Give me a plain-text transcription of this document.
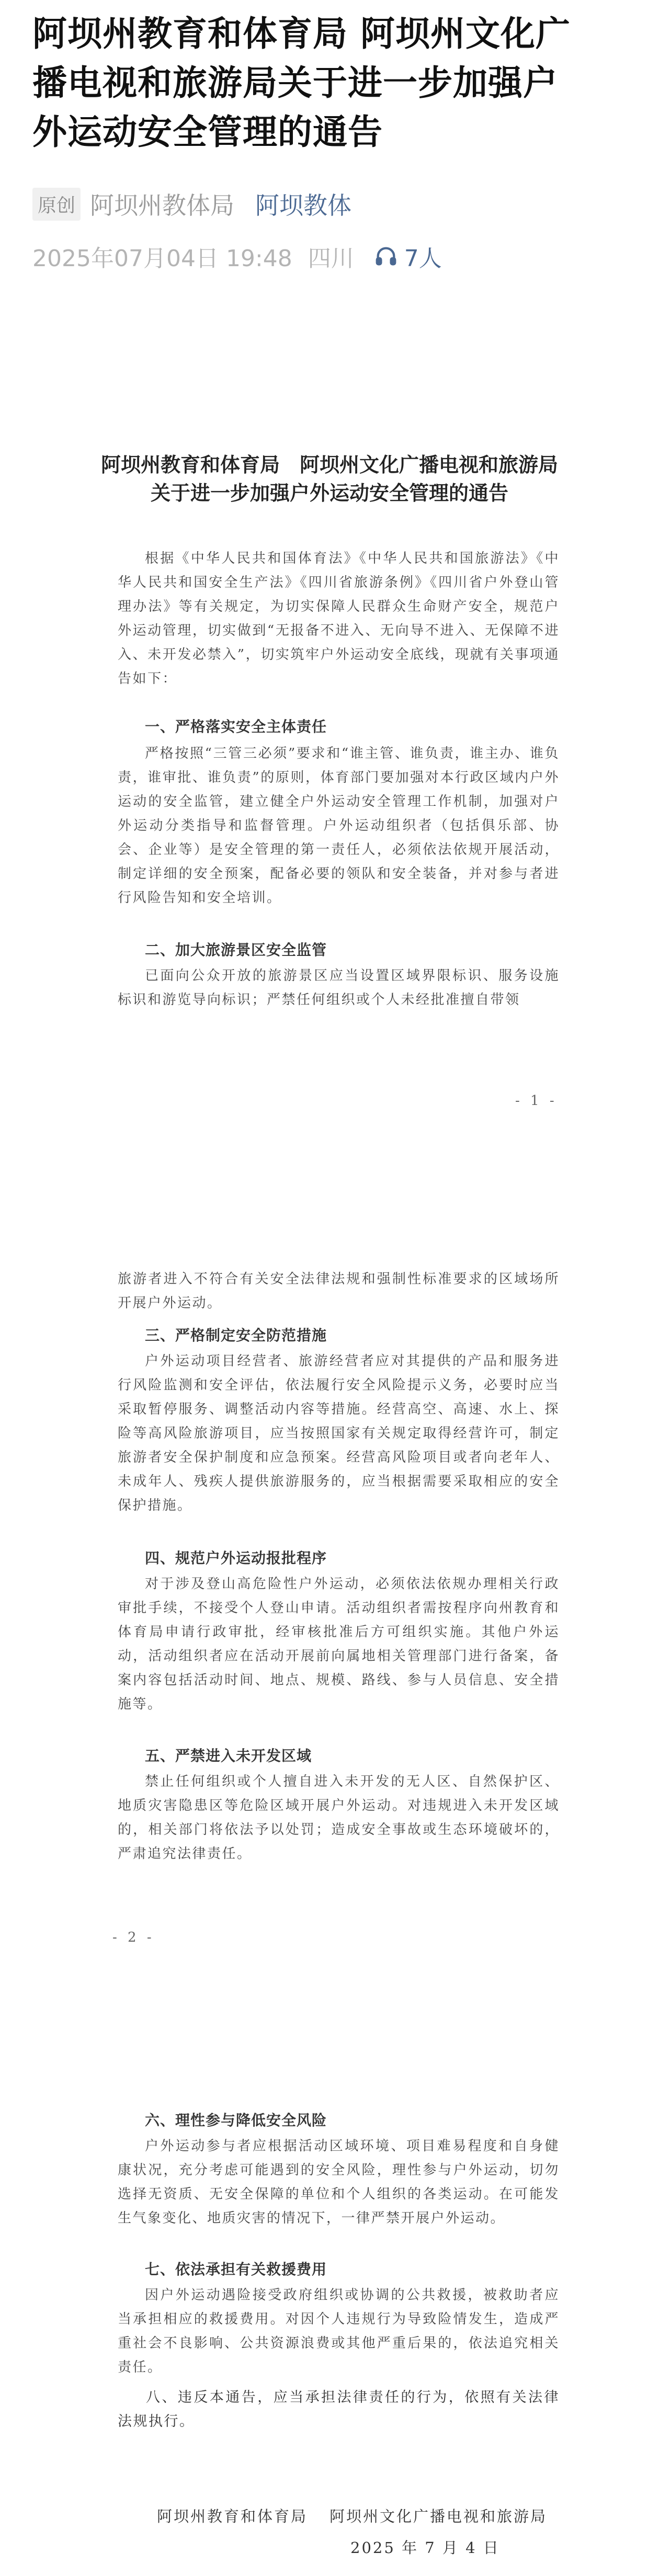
阿坝州教育和体育局 阿坝州文化广
播电视和旅游局关于进一步加强户
外运动安全管理的通告
原创 阿坝州教体局 阿坝教体
2025年07月04日 19:48 四川 7人
阿坝州教育和体育局　阿坝州文化广播电视和旅游局
关于进一步加强户外运动安全管理的通告
根据《中华人民共和国体育法》《中华人民共和国旅游法》《中华人民共和国安全生产法》《四川省旅游条例》《四川省户外登山管理办法》等有关规定，为切实保障人民群众生命财产安全，规范户外运动管理，切实做到“无报备不进入、无向导不进入、无保障不进入、未开发必禁入”，切实筑牢户外运动安全底线，现就有关事项通告如下：
一、严格落实安全主体责任
严格按照“三管三必须”要求和“谁主管、谁负责，谁主办、谁负责，谁审批、谁负责”的原则，体育部门要加强对本行政区域内户外运动的安全监管，建立健全户外运动安全管理工作机制，加强对户外运动分类指导和监督管理。户外运动组织者（包括俱乐部、协会、企业等）是安全管理的第一责任人，必须依法依规开展活动，制定详细的安全预案，配备必要的领队和安全装备，并对参与者进行风险告知和安全培训。
二、加大旅游景区安全监管
已面向公众开放的旅游景区应当设置区域界限标识、服务设施标识和游览导向标识；严禁任何组织或个人未经批准擅自带领
- 1 -
旅游者进入不符合有关安全法律法规和强制性标准要求的区域场所开展户外运动。
三、严格制定安全防范措施
户外运动项目经营者、旅游经营者应对其提供的产品和服务进行风险监测和安全评估，依法履行安全风险提示义务，必要时应当采取暂停服务、调整活动内容等措施。经营高空、高速、水上、探险等高风险旅游项目，应当按照国家有关规定取得经营许可，制定旅游者安全保护制度和应急预案。经营高风险项目或者向老年人、未成年人、残疾人提供旅游服务的，应当根据需要采取相应的安全保护措施。
四、规范户外运动报批程序
对于涉及登山高危险性户外运动，必须依法依规办理相关行政审批手续，不接受个人登山申请。活动组织者需按程序向州教育和体育局申请行政审批，经审核批准后方可组织实施。其他户外运动，活动组织者应在活动开展前向属地相关管理部门进行备案，备案内容包括活动时间、地点、规模、路线、参与人员信息、安全措施等。
五、严禁进入未开发区域
禁止任何组织或个人擅自进入未开发的无人区、自然保护区、地质灾害隐患区等危险区域开展户外运动。对违规进入未开发区域的，相关部门将依法予以处罚；造成安全事故或生态环境破坏的，严肃追究法律责任。
- 2 -
六、理性参与降低安全风险
户外运动参与者应根据活动区域环境、项目难易程度和自身健康状况，充分考虑可能遇到的安全风险，理性参与户外运动，切勿选择无资质、无安全保障的单位和个人组织的各类运动。在可能发生气象变化、地质灾害的情况下，一律严禁开展户外运动。
七、依法承担有关救援费用
因户外运动遇险接受政府组织或协调的公共救援，被救助者应当承担相应的救援费用。对因个人违规行为导致险情发生，造成严重社会不良影响、公共资源浪费或其他严重后果的，依法追究相关责任。
八、违反本通告，应当承担法律责任的行为，依照有关法律法规执行。
阿坝州教育和体育局 阿坝州文化广播电视和旅游局
2025 年 7 月 4 日
